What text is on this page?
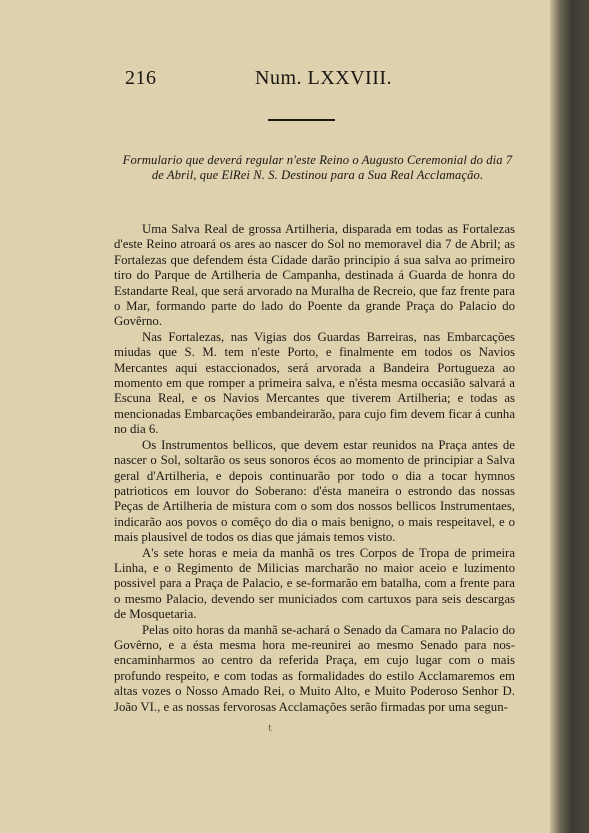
216	Num. LXXVIII.
Formulario que deverá regular n'este Reino o Augusto Ceremonial do dia 7 de Abril, que ElRei N. S. Destinou para a Sua Real Acclamação.

Uma Salva Real de grossa Artilheria, disparada em todas as Fortalezas d'este Reino atroará os ares ao nascer do Sol no memoravel dia 7 de Abril; as Fortalezas que defendem ésta Cidade darão principio á sua salva ao primeiro tiro do Parque de Artilheria de Campanha, destinada á Guarda de honra do Estandarte Real, que será arvorado na Muralha de Recreio, que faz frente para o Mar, formando parte do lado do Poente da grande Praça do Palacio do Govêrno.

Nas Fortalezas, nas Vigias dos Guardas Barreiras, nas Embarcações miudas que S. M. tem n'este Porto, e finalmente em todos os Navios Mercantes aqui estaccionados, será arvorada a Bandeira Portugueza ao momento em que romper a primeira salva, e n'ésta mesma occasião salvará a Escuna Real, e os Navios Mercantes que tiverem Artilheria; e todas as mencionadas Embarcações embandeirarão, para cujo fim devem ficar á cunha no dia 6.

Os Instrumentos bellicos, que devem estar reunidos na Praça antes de nascer o Sol, soltarão os seus sonoros écos ao momento de principiar a Salva geral d'Artilheria, e depois continuarão por todo o dia a tocar hymnos patrioticos em louvor do Soberano: d'ésta maneira o estrondo das nossas Peças de Artilheria de mistura com o som dos nossos bellicos Instrumentaes, indicarão aos povos o comêço do dia o mais benigno, o mais respeitavel, e o mais plausivel de todos os dias que jámais temos visto.

A's sete horas e meia da manhã os tres Corpos de Tropa de primeira Linha, e o Regimento de Milicias marcharão no maior aceio e luzimento possivel para a Praça de Palacio, e se-formarão em batalha, com a frente para o mesmo Palacio, devendo ser municiados com cartuxos para seis descargas de Mosquetaria.

Pelas oito horas da manhã se-achará o Senado da Camara no Palacio do Govêrno, e a ésta mesma hora me-reunirei ao mesmo Senado para nos-encaminharmos ao centro da referida Praça, em cujo lugar com o mais profundo respeito, e com todas as formalidades do estilo Acclamaremos em altas vozes o Nosso Amado Rei, o Muito Alto, e Muito Poderoso Senhor D. João VI., e as nossas fervorosas Acclamações serão firmadas por uma segun-

t
